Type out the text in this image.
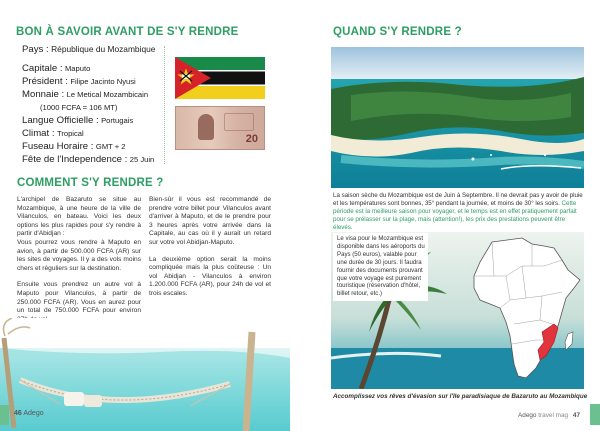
BON À SAVOIR AVANT DE S'Y RENDRE
Pays : République du Mozambique
Capitale : Maputo
Président : Filipe Jacinto Nyusi
Monnaie : Le Metical Mozambicain
(1000 FCFA = 106 MT)
Langue Officielle : Portugais
Climat : Tropical
Fuseau Horaire : GMT + 2
Fête de l'Independence : 25 Juin
20
COMMENT S'Y RENDRE ?
L'archipel de Bazaruto se situe au Mozambique, à une heure de la ville de Vilanculos, en bateau. Voici les deux options les plus rapides pour s'y rendre à partir d'Abidjan :
Vous pourrez vous rendre à Maputo en avion, à partir de 500.000 FCFA (AR) sur les sites de voyages. Il y a des vols moins chers et réguliers sur la destination.
Ensuite vous prendrez un autre vol à Maputo pour Vilanculos, à partir de 250.000 FCFA (AR). Vous en aurez pour un total de 750.000 FCFA pour environ
Bien-sûr il vous est recommandé de prendre votre billet pour Vilanculos avant d'arriver à Maputo, et de le prendre pour 3 heures après votre arrivée dans la Capitale, au cas où il y aurait un retard sur votre vol Abidjan-Maputo.
La deuxième option serait la moins compliquée mais la plus coûteuse : Un vol Abidjan - Vilanculos à environ 1.200.000 FCFA (AR), pour 24h de vol et trois escales.
46 Adego
QUAND S'Y RENDRE ?
La saison sèche du Mozambique est de Juin à Septembre. Il ne devrait pas y avoir de pluie et les températures sont bonnes, 35° pendant la journée, et moins de 30° les soirs. Cette période est la meilleure saison pour voyager, et le temps est en effet pratiquement parfait pour se prélasser sur la plage, mais (attention!), les prix des prestations peuvent être élevés.
Le visa pour le Mozambique est disponible dans les aéroports du Pays (50 euros), valable pour une durée de 30 jours. Il faudra fournir des documents prouvant que votre voyage est purement touristique (réservation d'hôtel, billet retour, etc.)
Accomplissez vos rêves d'évasion sur l'Ile paradisiaque de Bazaruto au Mozambique
Adego travel mag 47
